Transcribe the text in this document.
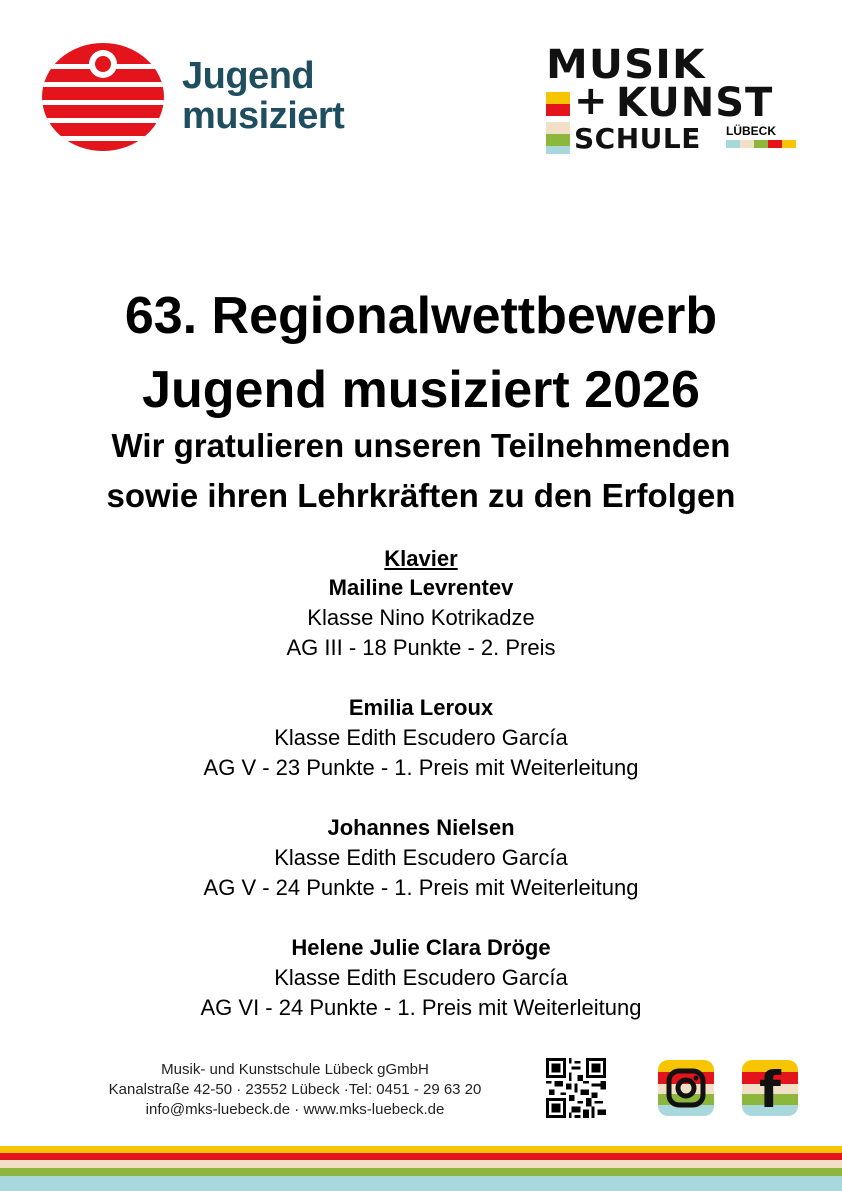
Jugend
musiziert
MUSIK
+ KUNST
SCHULE LÜBECK
63. Regionalwettbewerb
Jugend musiziert 2026
Wir gratulieren unseren Teilnehmenden
sowie ihren Lehrkräften zu den Erfolgen
Klavier
Mailine Levrentev
Klasse Nino Kotrikadze
AG III - 18 Punkte - 2. Preis
Emilia Leroux
Klasse Edith Escudero García
AG V - 23 Punkte - 1. Preis mit Weiterleitung
Johannes Nielsen
Klasse Edith Escudero García
AG V - 24 Punkte - 1. Preis mit Weiterleitung
Helene Julie Clara Dröge
Klasse Edith Escudero García
AG VI - 24 Punkte - 1. Preis mit Weiterleitung
Musik- und Kunstschule Lübeck gGmbH
Kanalstraße 42-50 · 23552 Lübeck ·Tel: 0451 - 29 63 20
info@mks-luebeck.de · www.mks-luebeck.de	f
